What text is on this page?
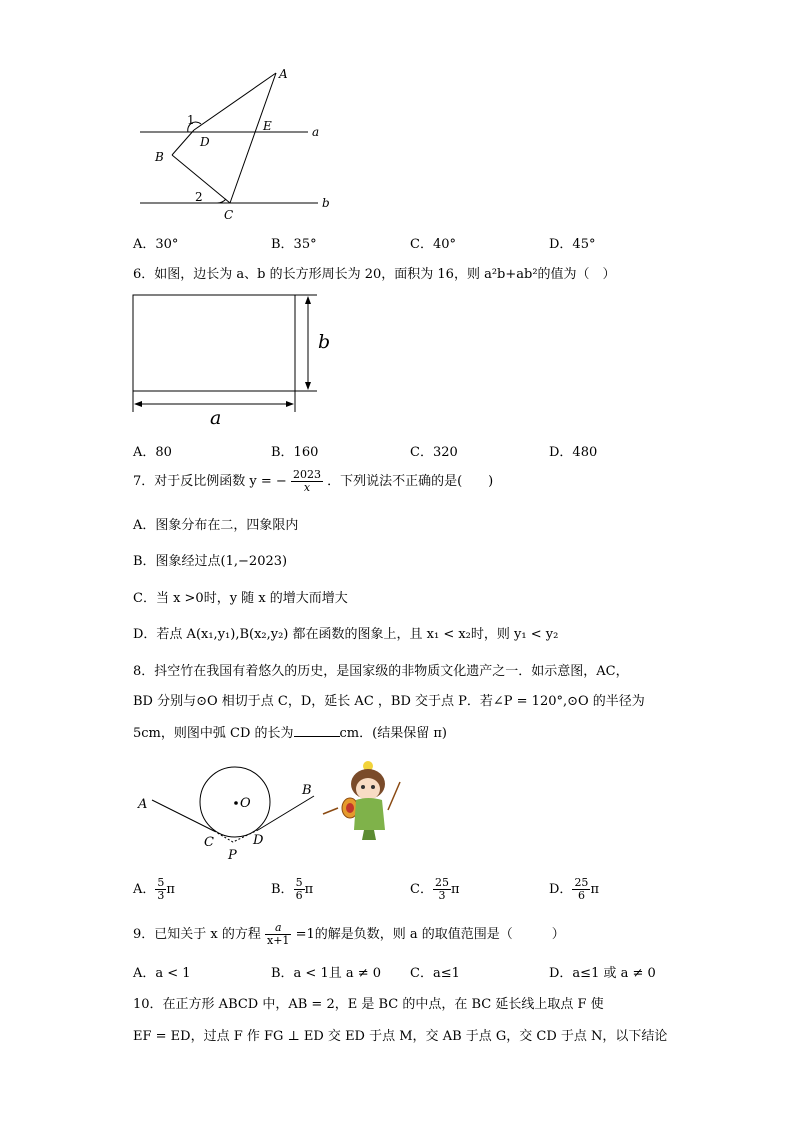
A
E	a
1
D
B
2	b
C
A．30°	B．35°	C．40°	D．45°
6．如图，边长为 a、b 的长方形周长为 20，面积为 16，则 a²b+ab²的值为（　）
b
a
A．80	B．160	C．320	D．480
7．对于反比例函数 y = − $\frac{2023}{x}$ ．下列说法不正确的是(　　)
A．图象分布在二，四象限内
B．图象经过点(1,−2023)
C．当 x >0时，y 随 x 的增大而增大
D．若点 A(x₁,y₁),B(x₂,y₂) 都在函数的图象上，且 x₁ < x₂时，则 y₁ < y₂
8．抖空竹在我国有着悠久的历史，是国家级的非物质文化遗产之一．如示意图，AC，
BD 分别与⊙O 相切于点 C，D，延长 AC ，BD 交于点 P．若∠P = 120°,⊙O 的半径为
5cm，则图中弧 CD 的长为	cm．(结果保留 π)
A	O
B
C	D
P
A． $\frac{5}{3}$ π	B． $\frac{5}{6}$ π	C． $\frac{25}{3}$ π	D． $\frac{25}{6}$ π
9．已知关于 x 的方程 $\frac{a}{x+1} =1$的解是负数，则 a 的取值范围是（　　　）
A．a < 1	B．a < 1且 a ≠ 0 C．a≤1	D．a≤1 或 a ≠ 0
10．在正方形 ABCD 中，AB = 2，E 是 BC 的中点，在 BC 延长线上取点 F 使
EF = ED，过点 F 作 FG ⊥ ED 交 ED 于点 M，交 AB 于点 G，交 CD 于点 N，以下结论
